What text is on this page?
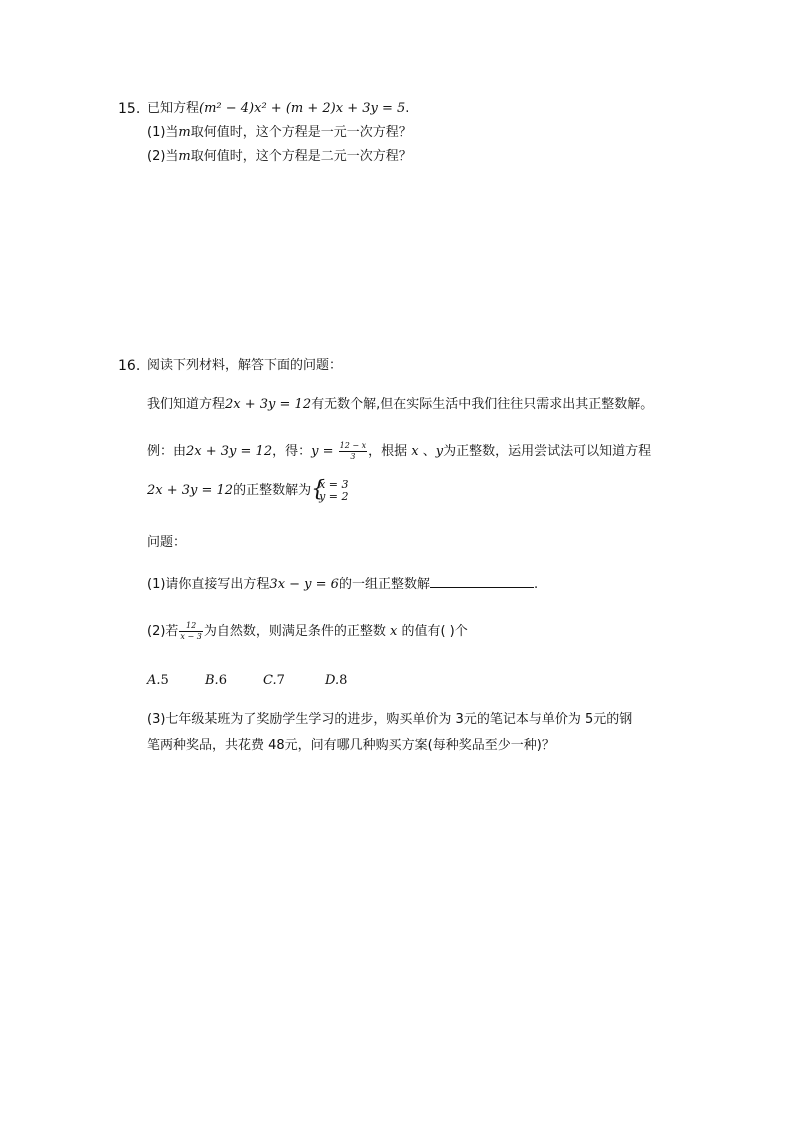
15. 已知方程(m² − 4)x² + (m + 2)x + 3y = 5.
(1)当m取何值时，这个方程是一元一次方程？
(2)当m取何值时，这个方程是二元一次方程？
16. 阅读下列材料，解答下面的问题：
我们知道方程2x + 3y = 12有无数个解,但在实际生活中我们往往只需求出其正整数解。
例：由2x + 3y = 12，得：$y = \frac{12 - x}{3}$ ，根据 x 、y为正整数，运用尝试法可以知道方程
2x + 3y = 12的正整数解为
{ x = 3
y = 2
问题：
(1)请你直接写出方程3x − y = 6的一组正整数解	.
(2)若 $\frac{12}{x - 3}$ 为自然数，则满足条件的正整数 x 的值有( )个
A.5	B.6	C.7	D.8
(3)七年级某班为了奖励学生学习的进步，购买单价为 3元的笔记本与单价为 5元的钢
笔两种奖品，共花费 48元，问有哪几种购买方案(每种奖品至少一种)？
